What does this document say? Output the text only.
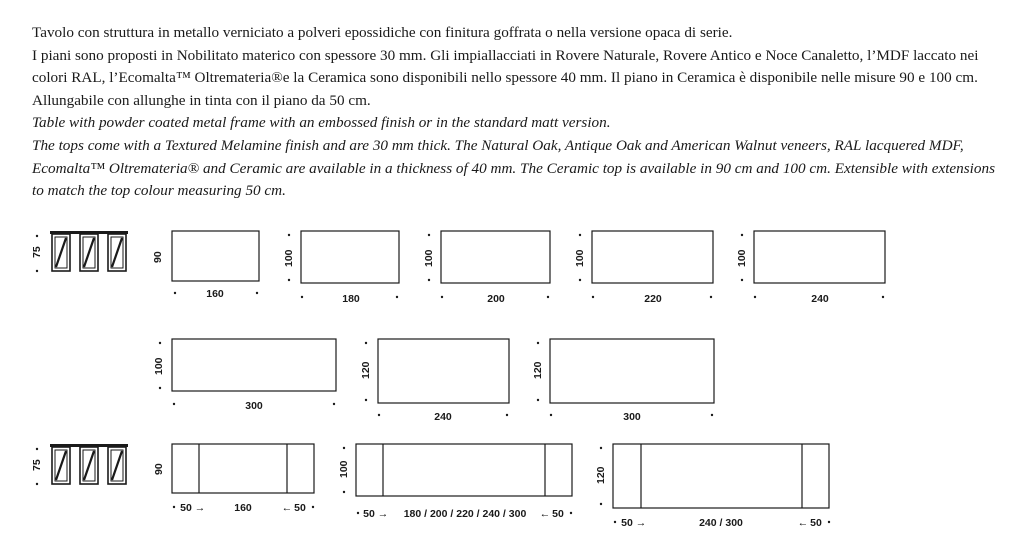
Tavolo con struttura in metallo verniciato a polveri epossidiche con finitura goffrata o nella versione opaca di serie.

I piani sono proposti in Nobilitato materico con spessore 30 mm. Gli impiallacciati in Rovere Naturale, Rovere Antico e Noce Canaletto, l’MDF laccato nei colori RAL, l’Ecomalta™ Oltremateria®e la Ceramica sono disponibili nello spessore 40 mm. Il piano in Ceramica è disponibile nelle misure 90 e 100 cm. Allungabile con allunghe in tinta con il piano da 50 cm.

Table with powder coated metal frame with an embossed finish or in the standard matt version.

The tops come with a Textured Melamine finish and are 30 mm thick. The Natural Oak, Antique Oak and American Walnut veneers, RAL lacquered MDF, Ecomalta™ Oltremateria® and Ceramic are available in a thickness of 40 mm. The Ceramic top is available in 90 cm and 100 cm. Extensible with extensions to match the top colour measuring 50 cm.

75	90
160
100
180
100
200
100
220
100
240
100
300
120
240
120
300
75	90
50 →	160	← 50
100
50 → 180 / 200 / 220 / 240 / 300 ← 50
120
50 →	240 / 300	← 50
